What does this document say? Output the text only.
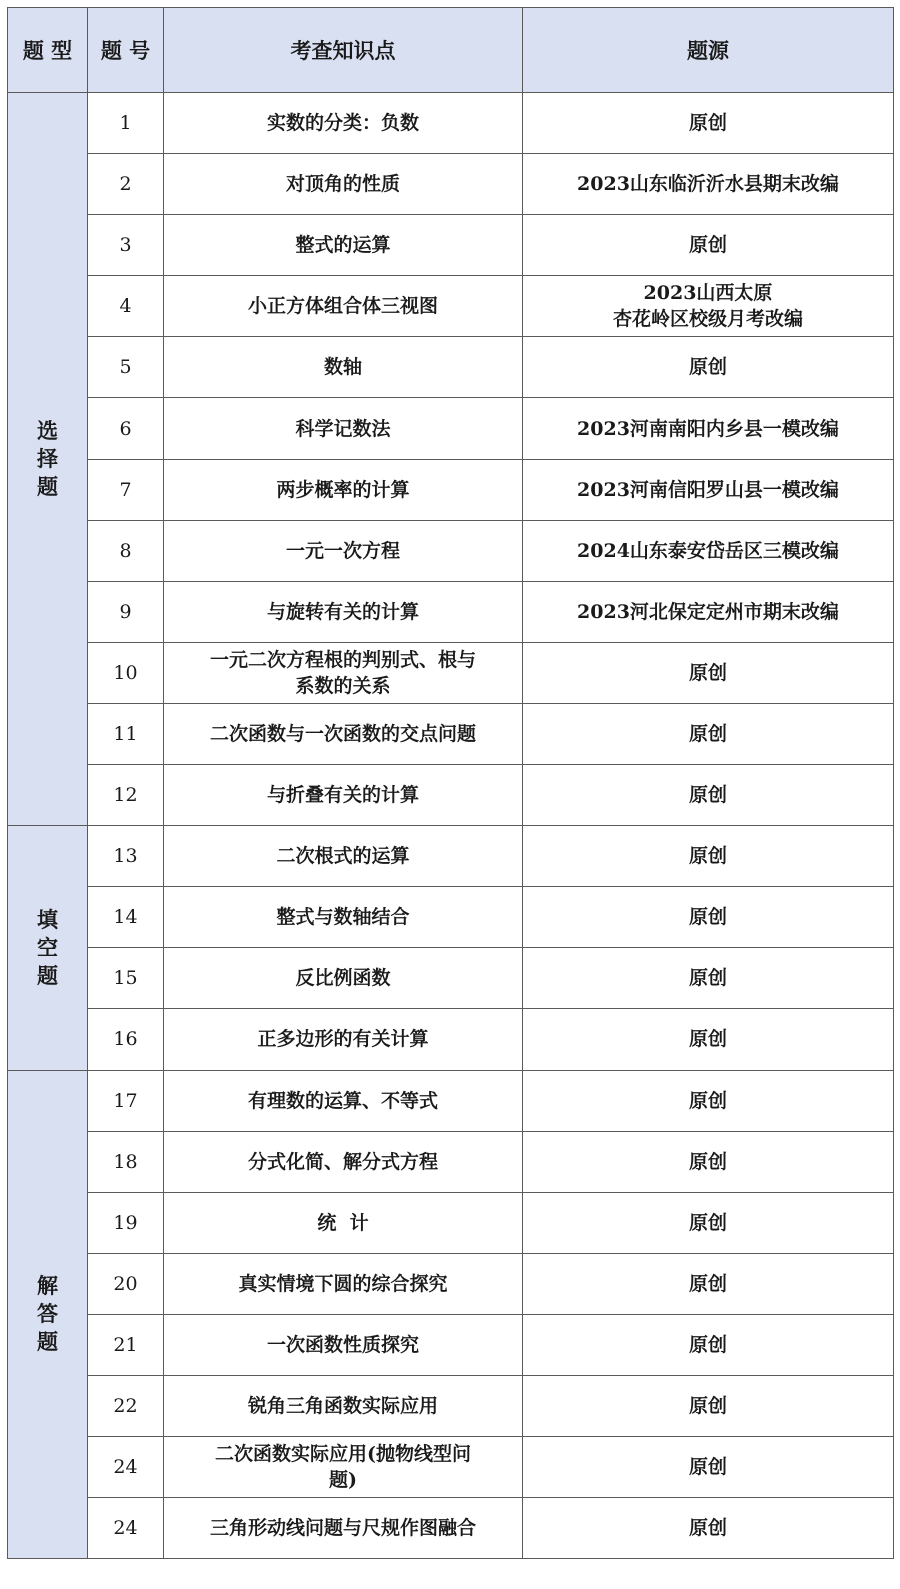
题 型	题 号	考查知识点	题源

选
择
题	1	实数的分类：负数	原创
	2	对顶角的性质	2023山东临沂沂水县期末改编
	3	整式的运算	原创
	4	小正方体组合体三视图	2023山西太原
杏花岭区校级月考改编

	5	数轴	原创
	6	科学记数法	2023河南南阳内乡县一模改编
	7	两步概率的计算	2023河南信阳罗山县一模改编
	8	一元一次方程	2024山东泰安岱岳区三模改编
	9	与旋转有关的计算	2023河北保定定州市期末改编
	10	一元二次方程根的判别式、根与
系数的关系	原创
	11	二次函数与一次函数的交点问题	原创
	12	与折叠有关的计算	原创

填
空
题	13	二次根式的运算	原创
	14	整式与数轴结合	原创
	15	反比例函数	原创
	16	正多边形的有关计算	原创

解
答
题	17	有理数的运算、不等式	原创
	18	分式化简、解分式方程	原创
	19	统  计	原创
	20	真实情境下圆的综合探究	原创
	21	一次函数性质探究	原创
	22	锐角三角函数实际应用	原创
	24	二次函数实际应用(抛物线型问
题)	原创
	24	三角形动线问题与尺规作图融合	原创
